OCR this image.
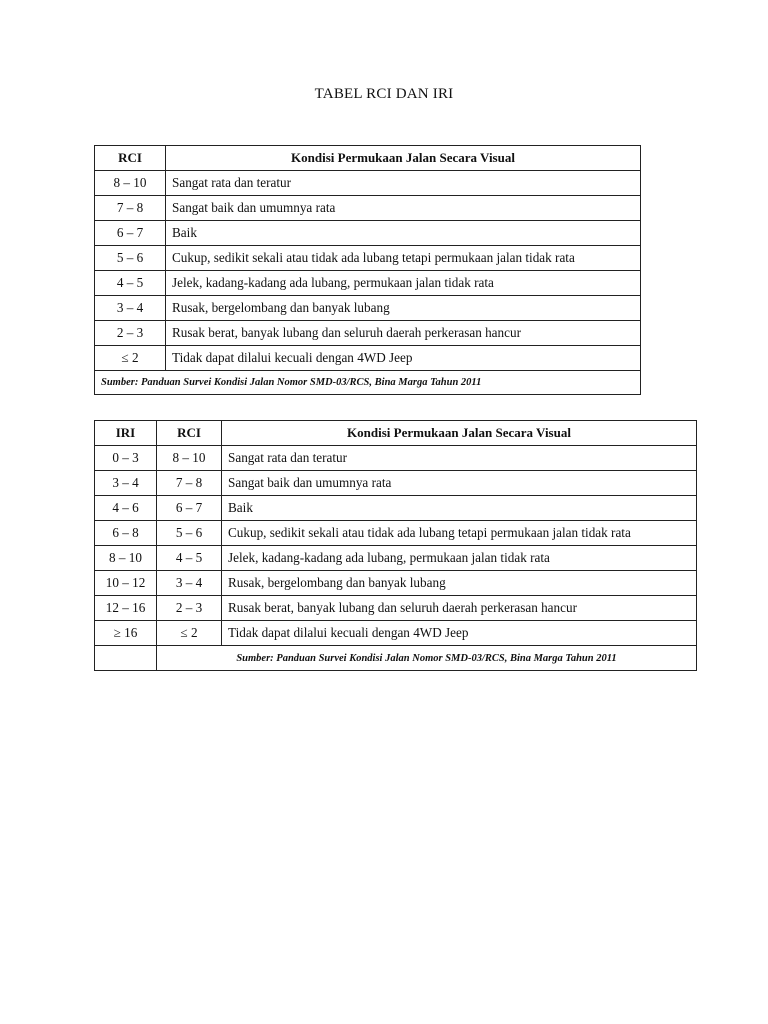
TABEL RCI DAN IRI
RCI	Kondisi Permukaan Jalan Secara Visual
8 – 10	Sangat rata dan teratur
7 – 8	Sangat baik dan umumnya rata
6 – 7	Baik
5 – 6	Cukup, sedikit sekali atau tidak ada lubang tetapi permukaan jalan tidak rata
4 – 5	Jelek, kadang-kadang ada lubang, permukaan jalan tidak rata
3 – 4	Rusak, bergelombang dan banyak lubang
2 – 3	Rusak berat, banyak lubang dan seluruh daerah perkerasan hancur
≤ 2	Tidak dapat dilalui kecuali dengan 4WD Jeep
Sumber: Panduan Survei Kondisi Jalan Nomor SMD-03/RCS, Bina Marga Tahun 2011	
IRI	RCI	Kondisi Permukaan Jalan Secara Visual
0 – 3	8 – 10	Sangat rata dan teratur
3 – 4	7 – 8	Sangat baik dan umumnya rata
4 – 6	6 – 7	Baik
6 – 8	5 – 6	Cukup, sedikit sekali atau tidak ada lubang tetapi permukaan jalan tidak rata
8 – 10	4 – 5	Jelek, kadang-kadang ada lubang, permukaan jalan tidak rata
10 – 12	3 – 4	Rusak, bergelombang dan banyak lubang
12 – 16	2 – 3	Rusak berat, banyak lubang dan seluruh daerah perkerasan hancur
≥ 16	≤ 2	Tidak dapat dilalui kecuali dengan 4WD Jeep
	Sumber: Panduan Survei Kondisi Jalan Nomor SMD-03/RCS, Bina Marga Tahun 2011	
